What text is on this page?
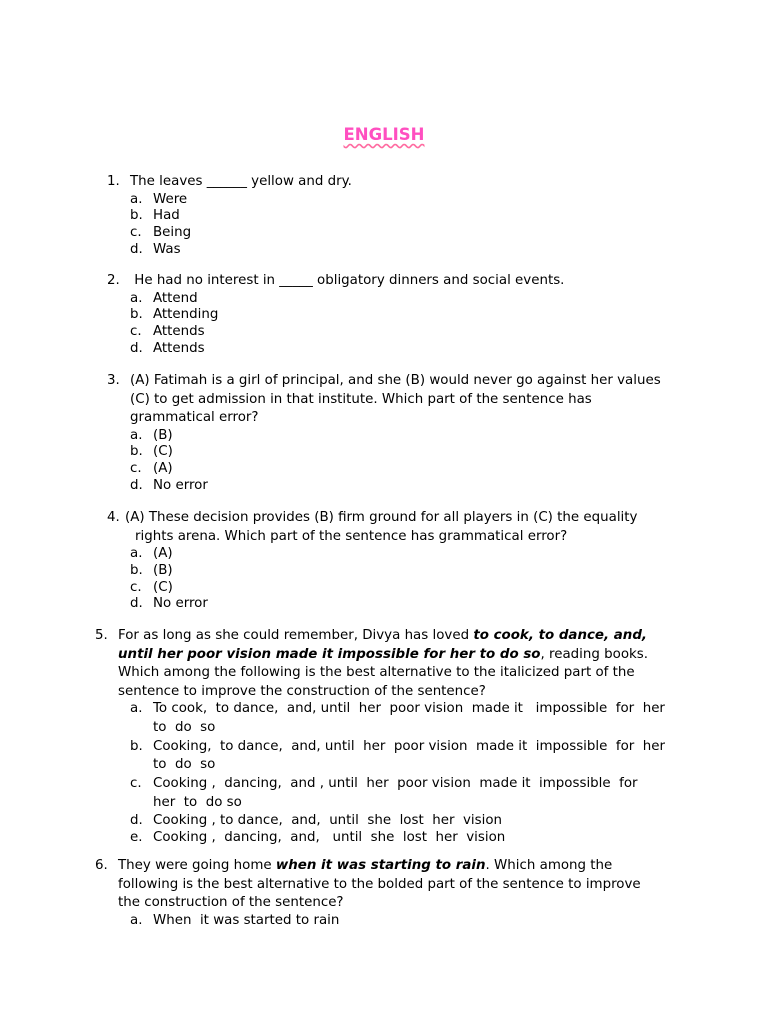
ENGLISH
1. The leaves ______ yellow and dry.
a. Were
b. Had
c. Being
d. Was
2. He had no interest in _____ obligatory dinners and social events.
a. Attend
b. Attending
c. Attends
d. Attends
3. (A) Fatimah is a girl of principal, and she (B) would never go against her values
(C) to get admission in that institute. Which part of the sentence has
grammatical error?
a. (B)
b. (C)
c. (A)
d. No error
4. (A) These decision provides (B) firm ground for all players in (C) the equality
rights arena. Which part of the sentence has grammatical error?
a. (A)
b. (B)
c. (C)
d. No error
5. For as long as she could remember, Divya has loved to cook, to dance, and,
until her poor vision made it impossible for her to do so, reading books.
Which among the following is the best alternative to the italicized part of the
sentence to improve the construction of the sentence?
a. To cook,  to dance,  and, until  her  poor vision  made it   impossible  for  her
to  do  so
b. Cooking,  to dance,  and, until  her  poor vision  made it  impossible  for  her
to  do  so
c. Cooking ,  dancing,  and , until  her  poor vision  made it  impossible  for
her  to  do so
d. Cooking , to dance,  and,  until  she  lost  her  vision
e. Cooking ,  dancing,  and,   until  she  lost  her  vision
6. They were going home when it was starting to rain. Which among the
following is the best alternative to the bolded part of the sentence to improve
the construction of the sentence?
a. When  it was started to rain
